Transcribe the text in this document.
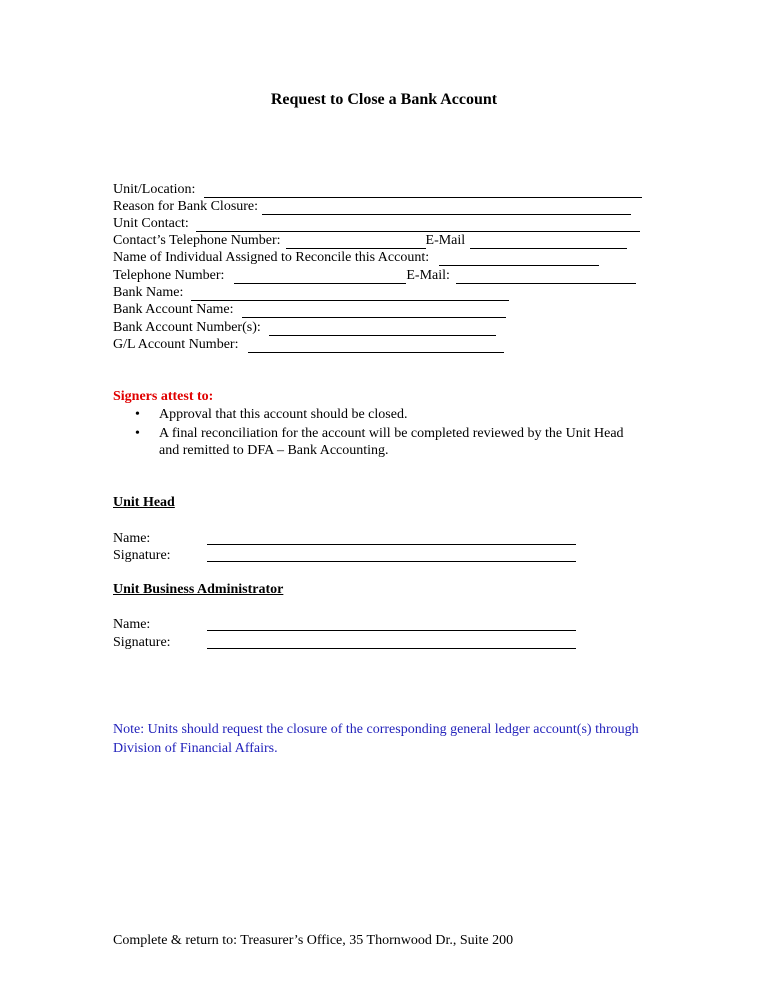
Request to Close a Bank Account
Unit/Location:
Reason for Bank Closure:
Unit Contact:
Contact’s Telephone Number:	E-Mail
Name of Individual Assigned to Reconcile this Account:
Telephone Number:	E-Mail:
Bank Name:
Bank Account Name:
Bank Account Number(s):
G/L Account Number:
Signers attest to:
• Approval that this account should be closed.
• A final reconciliation for the account will be completed reviewed by the Unit Head and remitted to DFA – Bank Accounting.
Unit Head
Name:
Signature:
Unit Business Administrator
Name:
Signature:
Note: Units should request the closure of the corresponding general ledger account(s) through Division of Financial Affairs.
Complete & return to: Treasurer’s Office, 35 Thornwood Dr., Suite 200
